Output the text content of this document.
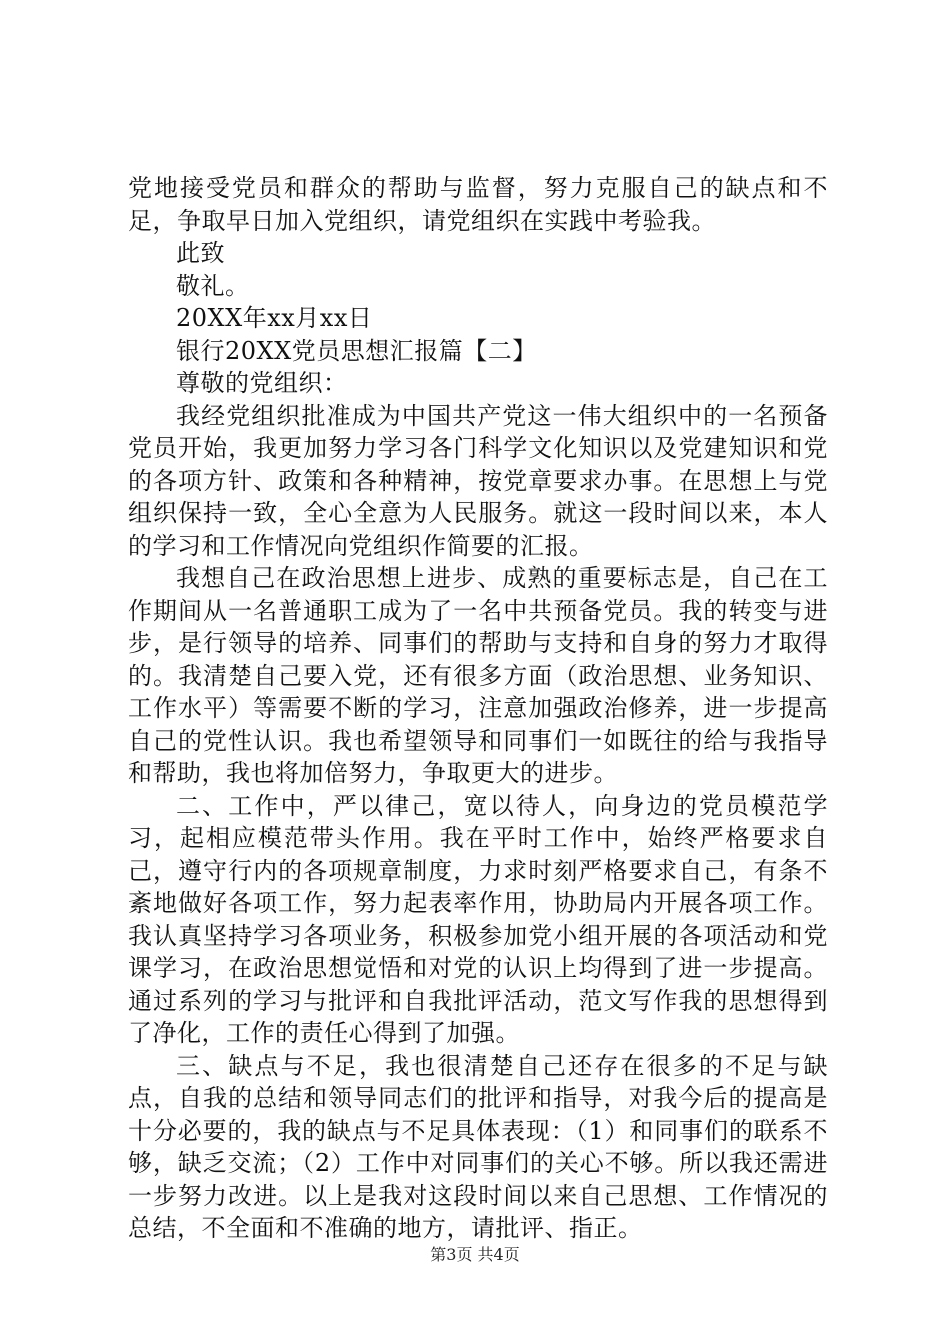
党地接受党员和群众的帮助与监督，努力克服自己的缺点和不足，争取早日加入党组织，请党组织在实践中考验我。

此致

敬礼。

20XX年xx月xx日

银行20XX党员思想汇报篇【二】

尊敬的党组织：

我经党组织批准成为中国共产党这一伟大组织中的一名预备党员开始，我更加努力学习各门科学文化知识以及党建知识和党的各项方针、政策和各种精神，按党章要求办事。在思想上与党组织保持一致，全心全意为人民服务。就这一段时间以来，本人的学习和工作情况向党组织作简要的汇报。

我想自己在政治思想上进步、成熟的重要标志是，自己在工作期间从一名普通职工成为了一名中共预备党员。我的转变与进步，是行领导的培养、同事们的帮助与支持和自身的努力才取得的。我清楚自己要入党，还有很多方面（政治思想、业务知识、工作水平）等需要不断的学习，注意加强政治修养，进一步提高自己的党性认识。我也希望领导和同事们一如既往的给与我指导和帮助，我也将加倍努力，争取更大的进步。

二、工作中，严以律己，宽以待人，向身边的党员模范学习，起相应模范带头作用。我在平时工作中，始终严格要求自己，遵守行内的各项规章制度，力求时刻严格要求自己，有条不紊地做好各项工作，努力起表率作用，协助局内开展各项工作。我认真坚持学习各项业务，积极参加党小组开展的各项活动和党课学习，在政治思想觉悟和对党的认识上均得到了进一步提高。通过系列的学习与批评和自我批评活动，范文写作我的思想得到了净化，工作的责任心得到了加强。

三、缺点与不足，我也很清楚自己还存在很多的不足与缺点，自我的总结和领导同志们的批评和指导，对我今后的提高是十分必要的，我的缺点与不足具体表现：（1）和同事们的联系不够，缺乏交流；（2）工作中对同事们的关心不够。所以我还需进一步努力改进。以上是我对这段时间以来自己思想、工作情况的总结，不全面和不准确的地方，请批评、指正。

第3页 共4页
